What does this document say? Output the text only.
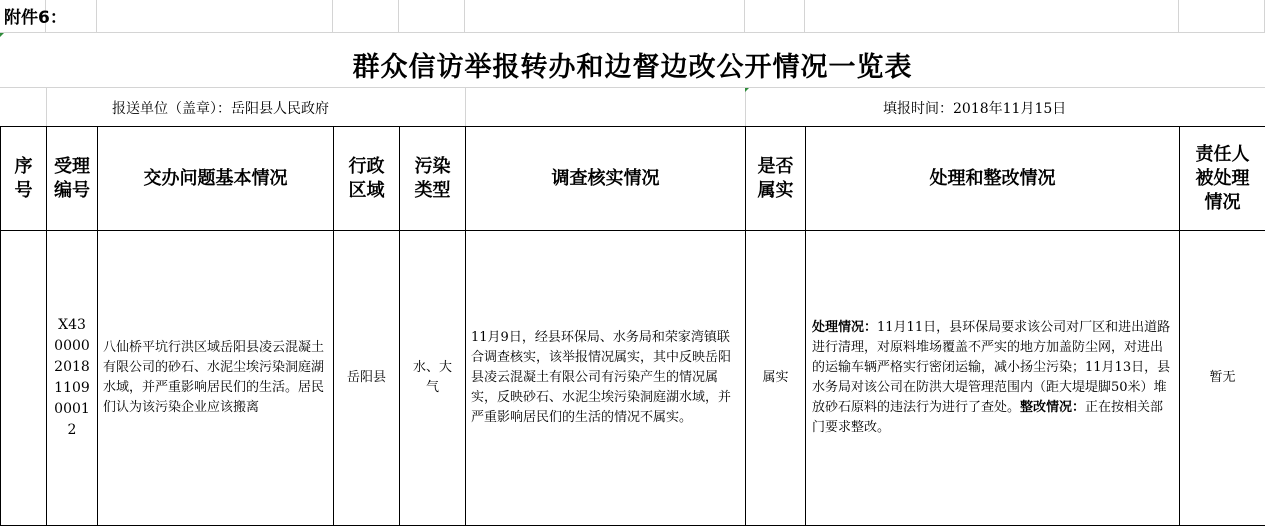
附件6：
群众信访举报转办和边督边改公开情况一览表
报送单位（盖章）：岳阳县人民政府	填报时间：2018年11月15日
序号	受理编号	交办问题基本情况	行政区域	污染类型	调查核实情况	是否属实	处理和整改情况	责任人被处理情况

	X4300002018110900012	八仙桥平坑行洪区域岳阳县凌云混凝土有限公司的砂石、水泥尘埃污染洞庭湖水域，并严重影响居民们的生活。居民们认为该污染企业应该搬离	岳阳县	水、大气	11月9日，经县环保局、水务局和荣家湾镇联合调查核实，该举报情况属实，其中反映岳阳县凌云混凝土有限公司有污染产生的情况属实，反映砂石、水泥尘埃污染洞庭湖水域，并严重影响居民们的生活的情况不属实。	属实	处理情况：11月11日，县环保局要求该公司对厂区和进出道路进行清理，对原料堆场覆盖不严实的地方加盖防尘网，对进出的运输车辆严格实行密闭运输，减小扬尘污染；11月13日，县水务局对该公司在防洪大堤管理范围内（距大堤堤脚50米）堆放砂石原料的违法行为进行了查处。整改情况：正在按相关部门要求整改。	暂无
